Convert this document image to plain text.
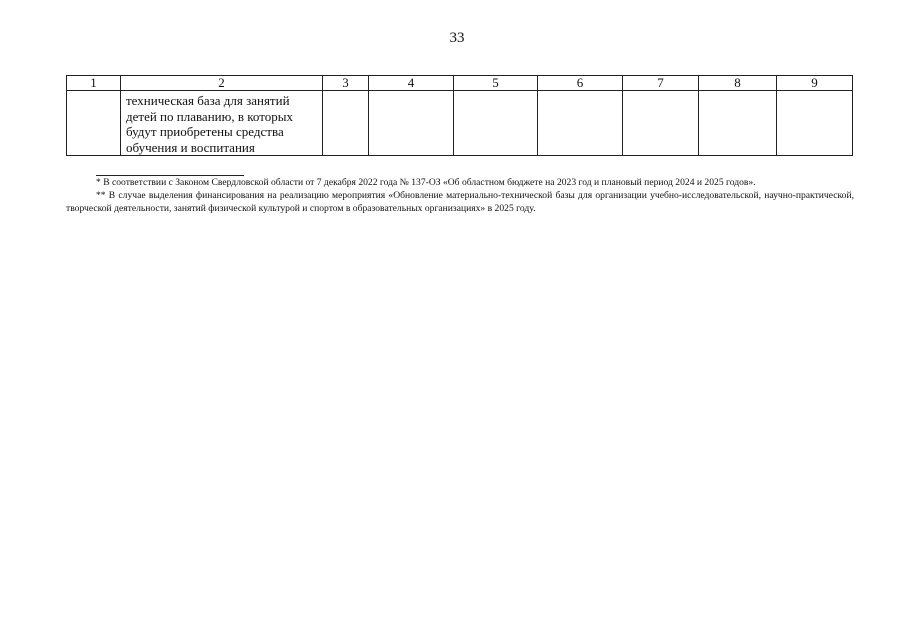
33
1	2	3	4	5	6	7	8	9

	техническая база для занятий
детей по плаванию, в которых
будут приобретены средства
обучения и воспитания							

* В соответствии с Законом Свердловской области от 7 декабря 2022 года № 137-ОЗ «Об областном бюджете на 2023 год и плановый период 2024 и 2025 годов».

** В случае выделения финансирования на реализацию мероприятия «Обновление материально-технической базы для организации учебно-исследовательской, научно-практической, творческой деятельности, занятий физической культурой и спортом в образовательных организациях» в 2025 году.
